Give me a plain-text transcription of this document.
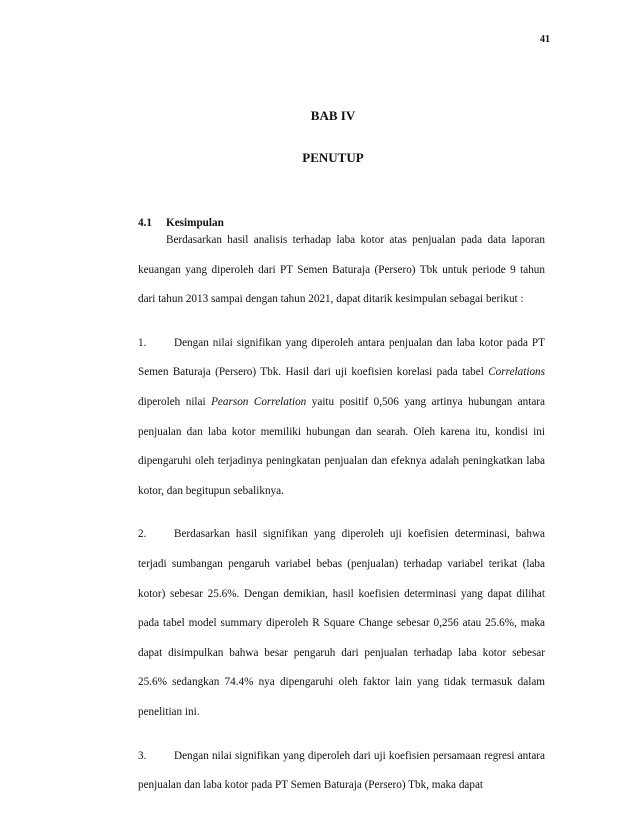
41
BAB IV
PENUTUP
4.1 Kesimpulan

Berdasarkan hasil analisis terhadap laba kotor atas penjualan pada data laporan keuangan yang diperoleh dari PT Semen Baturaja (Persero) Tbk untuk periode 9 tahun dari tahun 2013 sampai dengan tahun 2021, dapat ditarik kesimpulan sebagai berikut :

1. Dengan nilai signifikan yang diperoleh antara penjualan dan laba kotor pada PT Semen Baturaja (Persero) Tbk. Hasil dari uji koefisien korelasi pada tabel Correlations diperoleh nilai Pearson Correlation yaitu positif 0,506 yang artinya hubungan antara penjualan dan laba kotor memiliki hubungan dan searah. Oleh karena itu, kondisi ini dipengaruhi oleh terjadinya peningkatan penjualan dan efeknya adalah peningkatkan laba kotor, dan begitupun sebaliknya.

2. Berdasarkan hasil signifikan yang diperoleh uji koefisien determinasi, bahwa terjadi sumbangan pengaruh variabel bebas (penjualan) terhadap variabel terikat (laba kotor) sebesar 25.6%. Dengan demikian, hasil koefisien determinasi yang dapat dilihat pada tabel model summary diperoleh R Square Change sebesar 0,256 atau 25.6%, maka dapat disimpulkan bahwa besar pengaruh dari penjualan terhadap laba kotor sebesar 25.6% sedangkan 74.4% nya dipengaruhi oleh faktor lain yang tidak termasuk dalam penelitian ini.

3. Dengan nilai signifikan yang diperoleh dari uji koefisien persamaan regresi antara penjualan dan laba kotor pada PT Semen Baturaja (Persero) Tbk, maka dapat
